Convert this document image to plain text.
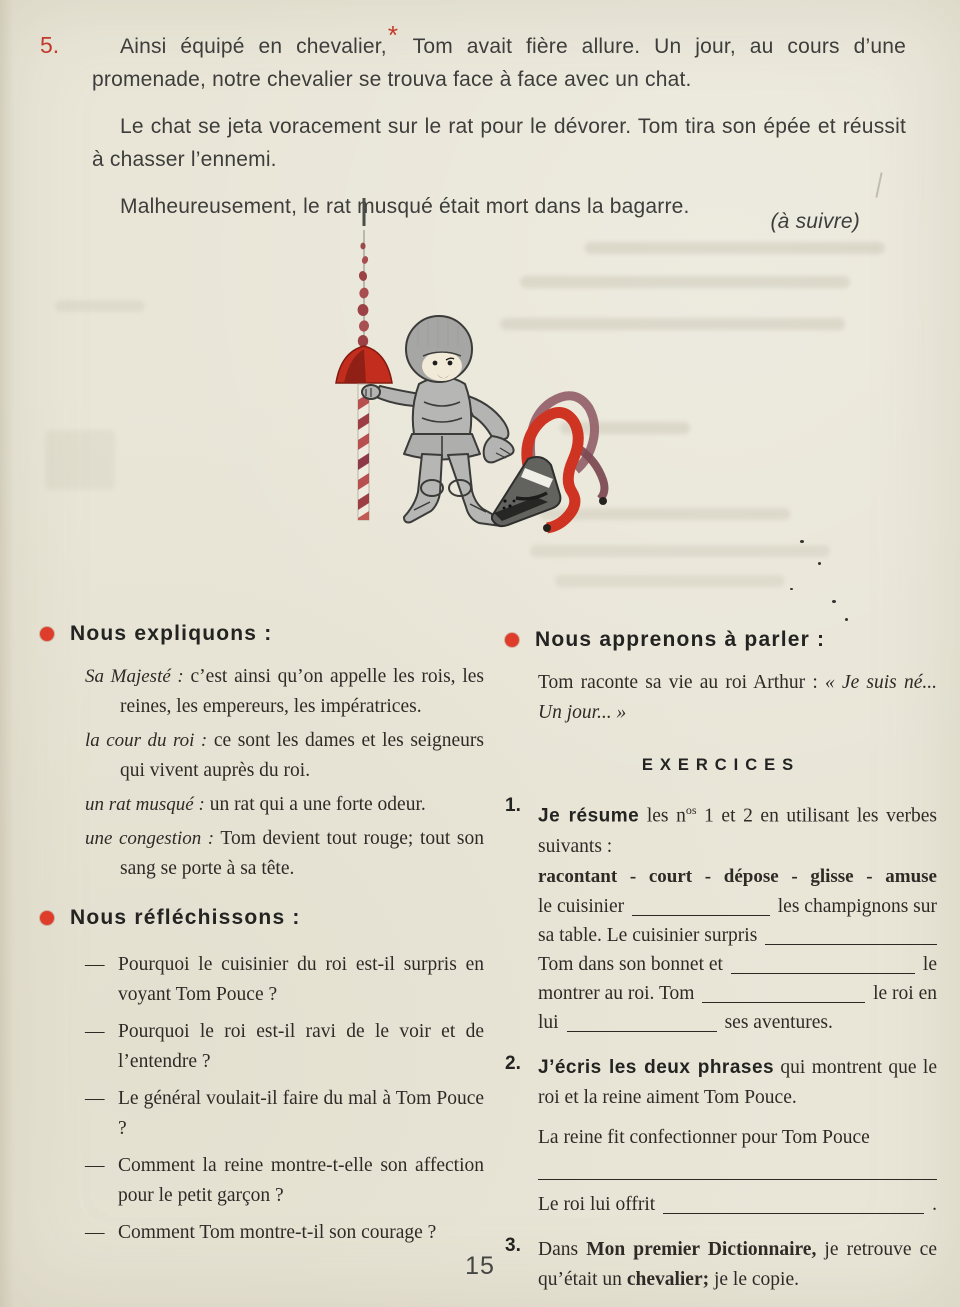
5.	Ainsi équipé en chevalier,* Tom avait fière allure. Un jour, au cours d’une promenade, notre chevalier se trouva face à face avec un chat.

Le chat se jeta voracement sur le rat pour le dévorer. Tom tira son épée et réussit à chasser l’ennemi.

Malheureusement, le rat musqué était mort dans la bagarre.

(à suivre)
Nous expliquons :

Sa Majesté : c’est ainsi qu’on appelle les rois, les reines, les empereurs, les impératrices.

la cour du roi : ce sont les dames et les seigneurs qui vivent auprès du roi.

un rat musqué : un rat qui a une forte odeur.

une congestion : Tom devient tout rouge; tout son sang se porte à sa tête.

Nous réfléchissons :

— Pourquoi le cuisinier du roi est-il surpris en voyant Tom Pouce ?

— Pourquoi le roi est-il ravi de le voir et de l’entendre ?

— Le général voulait-il faire du mal à Tom Pouce ?

— Comment la reine montre-t-elle son affection pour le petit garçon ?

— Comment Tom montre-t-il son courage ?

Nous apprenons à parler :

Tom raconte sa vie au roi Arthur : « Je suis né... Un jour... »

EXERCICES
1. Je résume les $n^{os}$ 1 et 2 en utilisant les verbes suivants :

racontant - court - dépose - glisse - amuse

le cuisinier	les champignons sur
sa table. Le cuisinier surpris
Tom dans son bonnet et	le
montrer au roi. Tom	le roi en
lui	ses aventures.
2. J’écris les deux phrases qui montrent que le roi et la reine aiment Tom Pouce.

La reine fit confectionner pour Tom Pouce

Le roi lui offrit	.
3. Dans Mon premier Dictionnaire, je retrouve ce qu’était un chevalier; je le copie.

15
